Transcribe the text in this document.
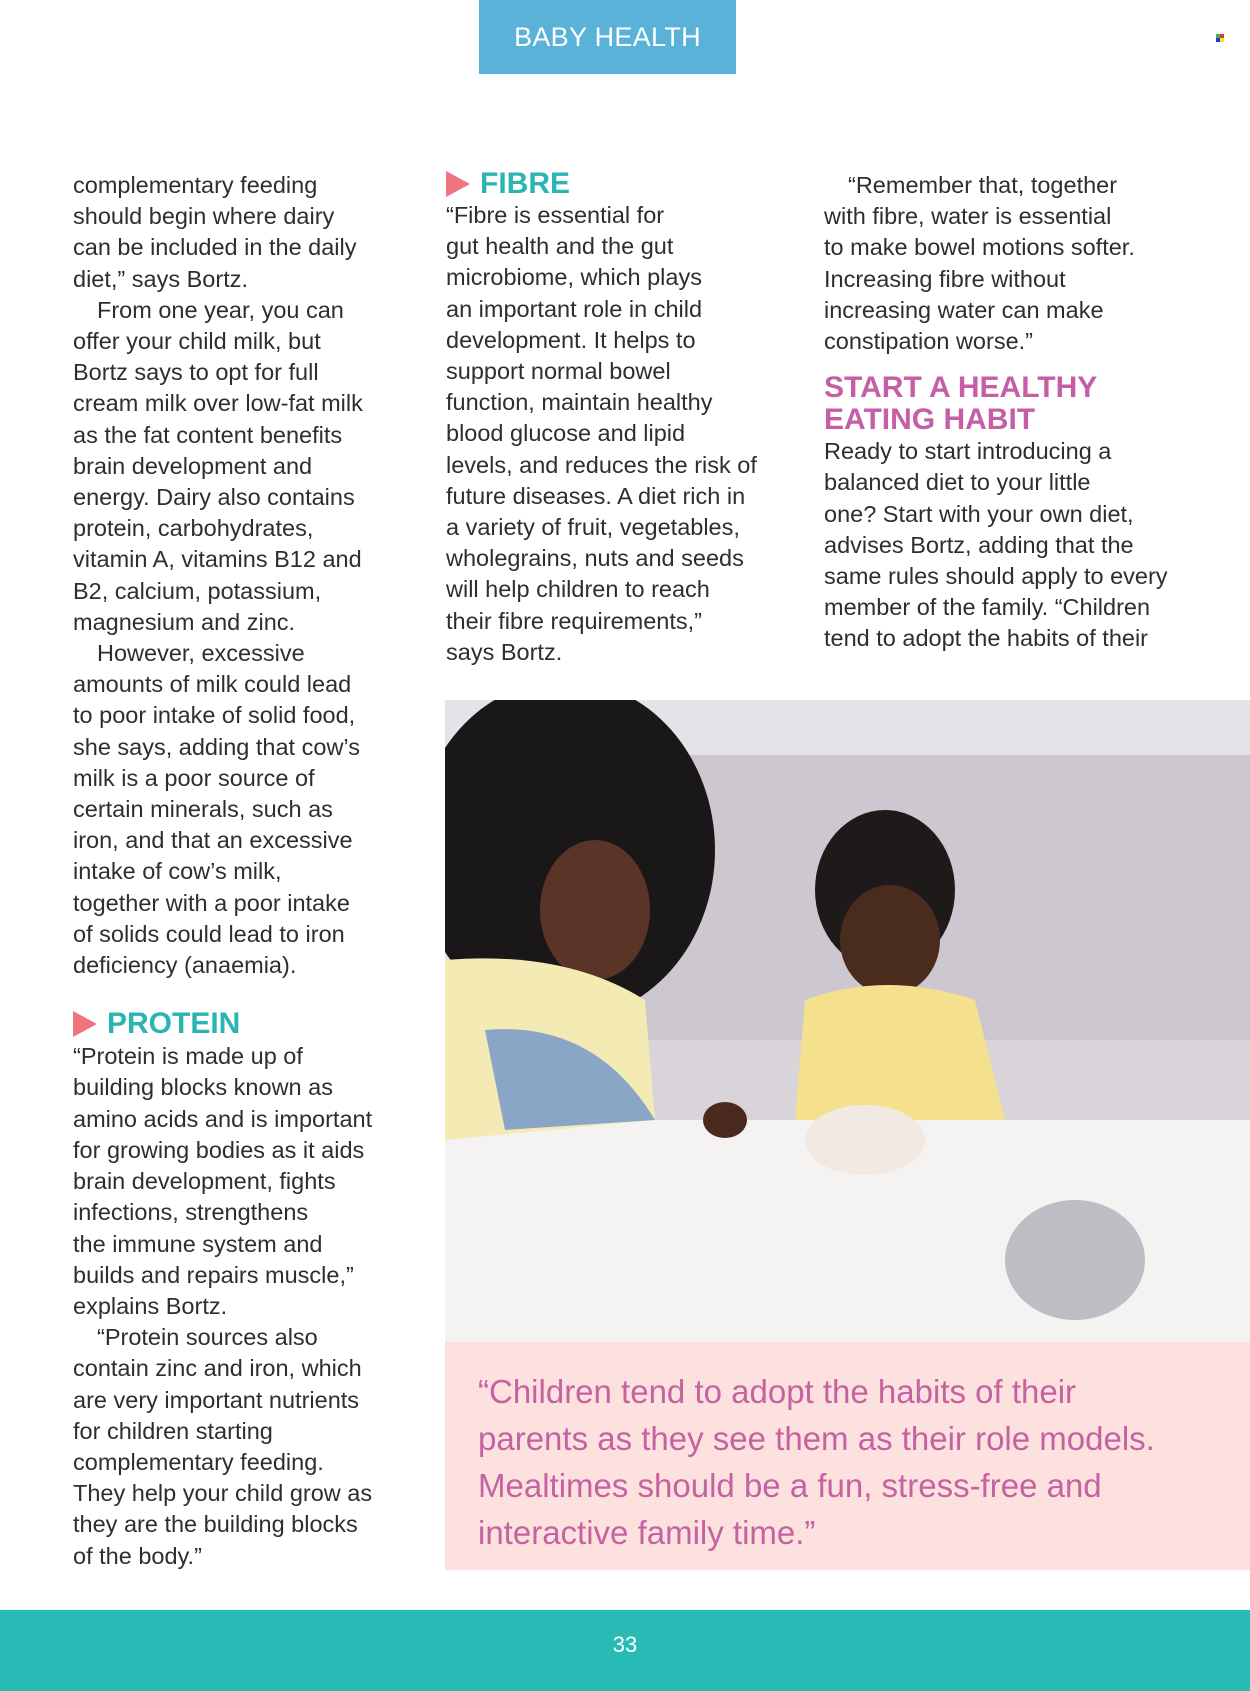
BABY HEALTH

complementary feeding
should begin where dairy
can be included in the daily
diet,” says Bortz.

From one year, you can
offer your child milk, but
Bortz says to opt for full
cream milk over low-fat milk
as the fat content benefits
brain development and
energy. Dairy also contains
protein, carbohydrates,
vitamin A, vitamins B12 and
B2, calcium, potassium,
magnesium and zinc.

However, excessive
amounts of milk could lead
to poor intake of solid food,
she says, adding that cow’s
milk is a poor source of
certain minerals, such as
iron, and that an excessive
intake of cow’s milk,
together with a poor intake
of solids could lead to iron
deficiency (anaemia).

PROTEIN

“Protein is made up of
building blocks known as
amino acids and is important
for growing bodies as it aids
brain development, fights
infections, strengthens
the immune system and
builds and repairs muscle,”
explains Bortz.

“Protein sources also
contain zinc and iron, which
are very important nutrients
for children starting
complementary feeding.
They help your child grow as
they are the building blocks
of the body.”

FIBRE

“Fibre is essential for
gut health and the gut
microbiome, which plays
an important role in child
development. It helps to
support normal bowel
function, maintain healthy
blood glucose and lipid
levels, and reduces the risk of
future diseases. A diet rich in
a variety of fruit, vegetables,
wholegrains, nuts and seeds
will help children to reach
their fibre requirements,”
says Bortz.

“Remember that, together
with fibre, water is essential
to make bowel motions softer.
Increasing fibre without
increasing water can make
constipation worse.”

START A HEALTHY
EATING HABIT

Ready to start introducing a
balanced diet to your little
one? Start with your own diet,
advises Bortz, adding that the
same rules should apply to every
member of the family. “Children
tend to adopt the habits of their

“Children tend to adopt the habits of their
parents as they see them as their role models.
Mealtimes should be a fun, stress-free and
interactive family time.”
33
